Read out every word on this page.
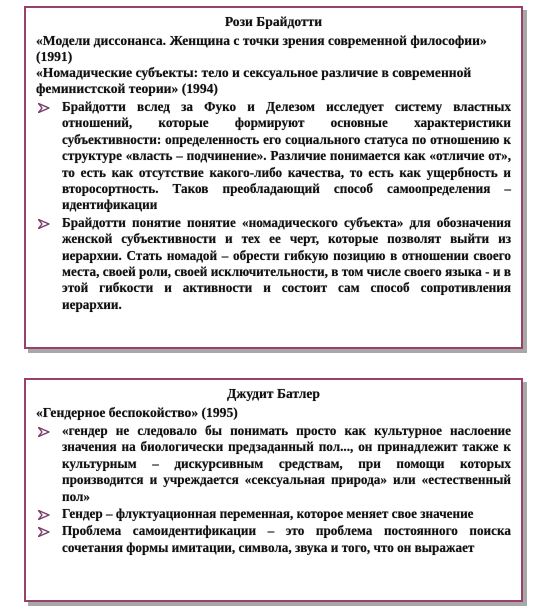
Рози Брайдотти

«Модели диссонанса. Женщина с точки зрения современной философии» (1991)

«Номадические субъекты: тело и сексуальное различие в современной феминистской теории» (1994)

Брайдотти вслед за Фуко и Делезом исследует систему властных отношений, которые формируют основные характеристики субъективности: определенность его социального статуса по отношению к структуре «власть – подчинение». Различие понимается как «отличие от», то есть как отсутствие какого-либо качества, то есть как ущербность и второсортность. Таков преобладающий способ самоопределения – идентификации
Брайдотти понятие понятие «номадического субъекта» для обозначения женской субъективности и тех ее черт, которые позволят выйти из иерархии. Стать номадой – обрести гибкую позицию в отношении своего места, своей роли, своей исключительности, в том числе своего языка - и в этой гибкости и активности и состоит сам способ сопротивления иерархии.
Джудит Батлер

«Гендерное беспокойство» (1995)

«гендер не следовало бы понимать просто как культурное наслоение значения на биологически предзаданный пол..., он принадлежит также к культурным – дискурсивным средствам, при помощи которых производится и учреждается «сексуальная природа» или «естественный пол»
Гендер – флуктуационная переменная, которое меняет свое значение
Проблема самоидентификации – это проблема постоянного поиска сочетания формы имитации, символа, звука и того, что он выражает
